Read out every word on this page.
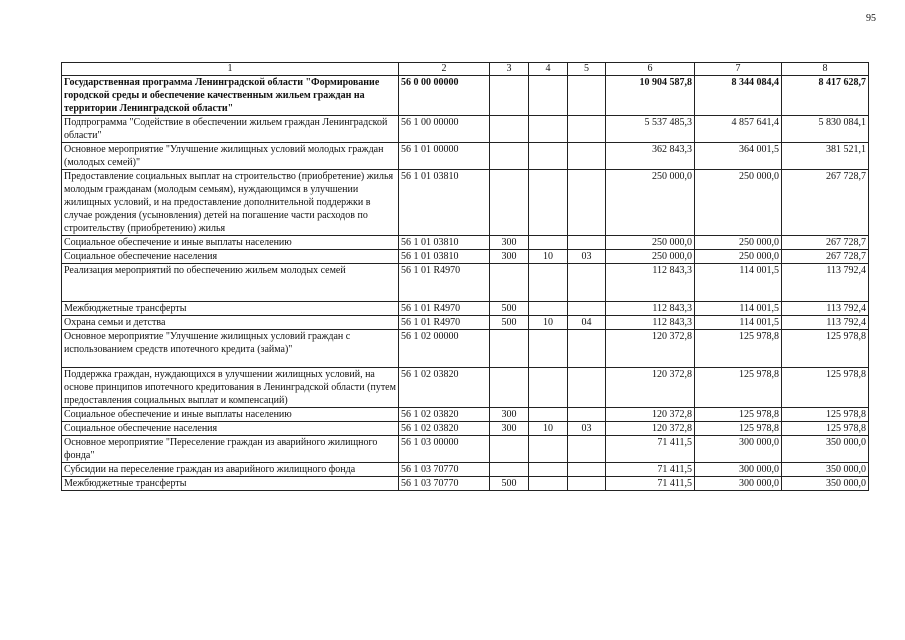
95
1	2	3	4	5	6	7	8
Государственная программа Ленинградской области "Формирование городской среды и обеспечение качественным жильем граждан на территории Ленинградской области"	56 0 00 00000				10 904 587,8	8 344 084,4	8 417 628,7
Подпрограмма "Содействие в обеспечении жильем граждан Ленинградской области"	56 1 00 00000				5 537 485,3	4 857 641,4	5 830 084,1
Основное мероприятие "Улучшение жилищных условий молодых граждан (молодых семей)"	56 1 01 00000				362 843,3	364 001,5	381 521,1
Предоставление социальных выплат на строительство (приобретение) жилья молодым гражданам (молодым семьям), нуждающимся в улучшении жилищных условий, и на предоставление дополнительной поддержки в случае рождения (усыновления) детей на погашение части расходов по строительству (приобретению) жилья	56 1 01 03810				250 000,0	250 000,0	267 728,7
Социальное обеспечение и иные выплаты населению	56 1 01 03810	300			250 000,0	250 000,0	267 728,7
Социальное обеспечение населения	56 1 01 03810	300	10	03	250 000,0	250 000,0	267 728,7
Реализация мероприятий по обеспечению жильем молодых семей	56 1 01 R4970				112 843,3	114 001,5	113 792,4
Межбюджетные трансферты	56 1 01 R4970	500			112 843,3	114 001,5	113 792,4
Охрана семьи и детства	56 1 01 R4970	500	10	04	112 843,3	114 001,5	113 792,4
Основное мероприятие "Улучшение жилищных условий граждан с использованием средств ипотечного кредита (займа)"	56 1 02 00000				120 372,8	125 978,8	125 978,8
Поддержка граждан, нуждающихся в улучшении жилищных условий, на основе принципов ипотечного кредитования в Ленинградской области (путем предоставления социальных выплат и компенсаций)	56 1 02 03820				120 372,8	125 978,8	125 978,8
Социальное обеспечение и иные выплаты населению	56 1 02 03820	300			120 372,8	125 978,8	125 978,8
Социальное обеспечение населения	56 1 02 03820	300	10	03	120 372,8	125 978,8	125 978,8
Основное мероприятие "Переселение граждан из аварийного жилищного фонда"	56 1 03 00000				71 411,5	300 000,0	350 000,0
Субсидии на переселение граждан из аварийного жилищного фонда	56 1 03 70770				71 411,5	300 000,0	350 000,0
Межбюджетные трансферты	56 1 03 70770	500			71 411,5	300 000,0	350 000,0
